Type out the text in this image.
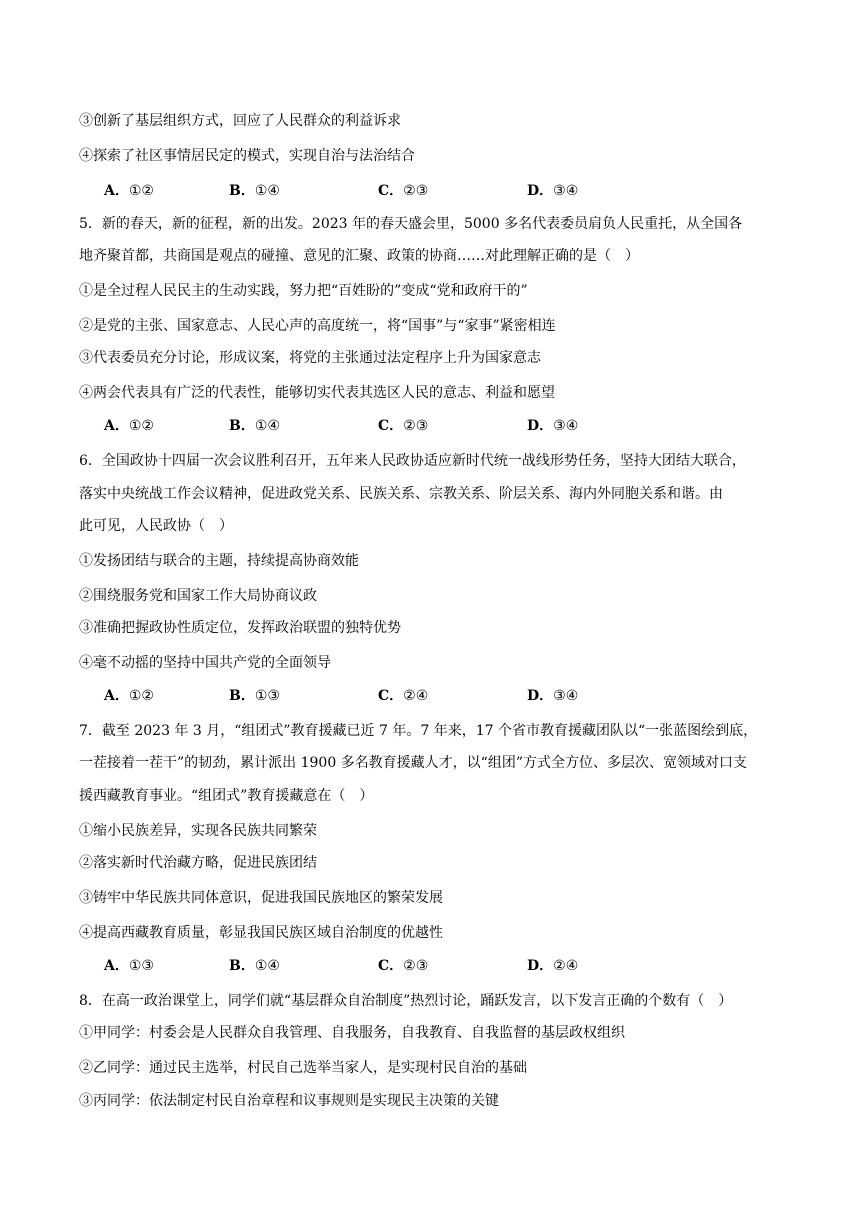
③创新了基层组织方式，回应了人民群众的利益诉求
④探索了社区事情居民定的模式，实现自治与法治结合
A．①②	B．①④	C．②③	D．③④
5．新的春天，新的征程，新的出发。2023 年的春天盛会里，5000 多名代表委员肩负人民重托，从全国各
地齐聚首都，共商国是观点的碰撞、意见的汇聚、政策的协商……对此理解正确的是（　）
①是全过程人民民主的生动实践，努力把“百姓盼的”变成“党和政府干的”
②是党的主张、国家意志、人民心声的高度统一，将“国事”与“家事”紧密相连
③代表委员充分讨论，形成议案，将党的主张通过法定程序上升为国家意志
④两会代表具有广泛的代表性，能够切实代表其选区人民的意志、利益和愿望
A．①②	B．①④	C．②③	D．③④
6．全国政协十四届一次会议胜利召开，五年来人民政协适应新时代统一战线形势任务，坚持大团结大联合，
落实中央统战工作会议精神，促进政党关系、民族关系、宗教关系、阶层关系、海内外同胞关系和谐。由
此可见，人民政协（　）
①发扬团结与联合的主题，持续提高协商效能
②围绕服务党和国家工作大局协商议政
③准确把握政协性质定位，发挥政治联盟的独特优势
④毫不动摇的坚持中国共产党的全面领导
A．①②	B．①③	C．②④	D．③④
7．截至 2023 年 3 月，“组团式”教育援藏已近 7 年。7 年来，17 个省市教育援藏团队以“一张蓝图绘到底，
一茬接着一茬干”的韧劲，累计派出 1900 多名教育援藏人才，以“组团”方式全方位、多层次、宽领域对口支
援西藏教育事业。“组团式”教育援藏意在（　）
①缩小民族差异，实现各民族共同繁荣
②落实新时代治藏方略，促进民族团结
③铸牢中华民族共同体意识，促进我国民族地区的繁荣发展
④提高西藏教育质量，彰显我国民族区域自治制度的优越性
A．①③	B．①④	C．②③	D．②④
8．在高一政治课堂上，同学们就“基层群众自治制度”热烈讨论，踊跃发言，以下发言正确的个数有（　）
①甲同学：村委会是人民群众自我管理、自我服务，自我教育、自我监督的基层政权组织
②乙同学：通过民主选举，村民自己选举当家人，是实现村民自治的基础
③丙同学：依法制定村民自治章程和议事规则是实现民主决策的关键
